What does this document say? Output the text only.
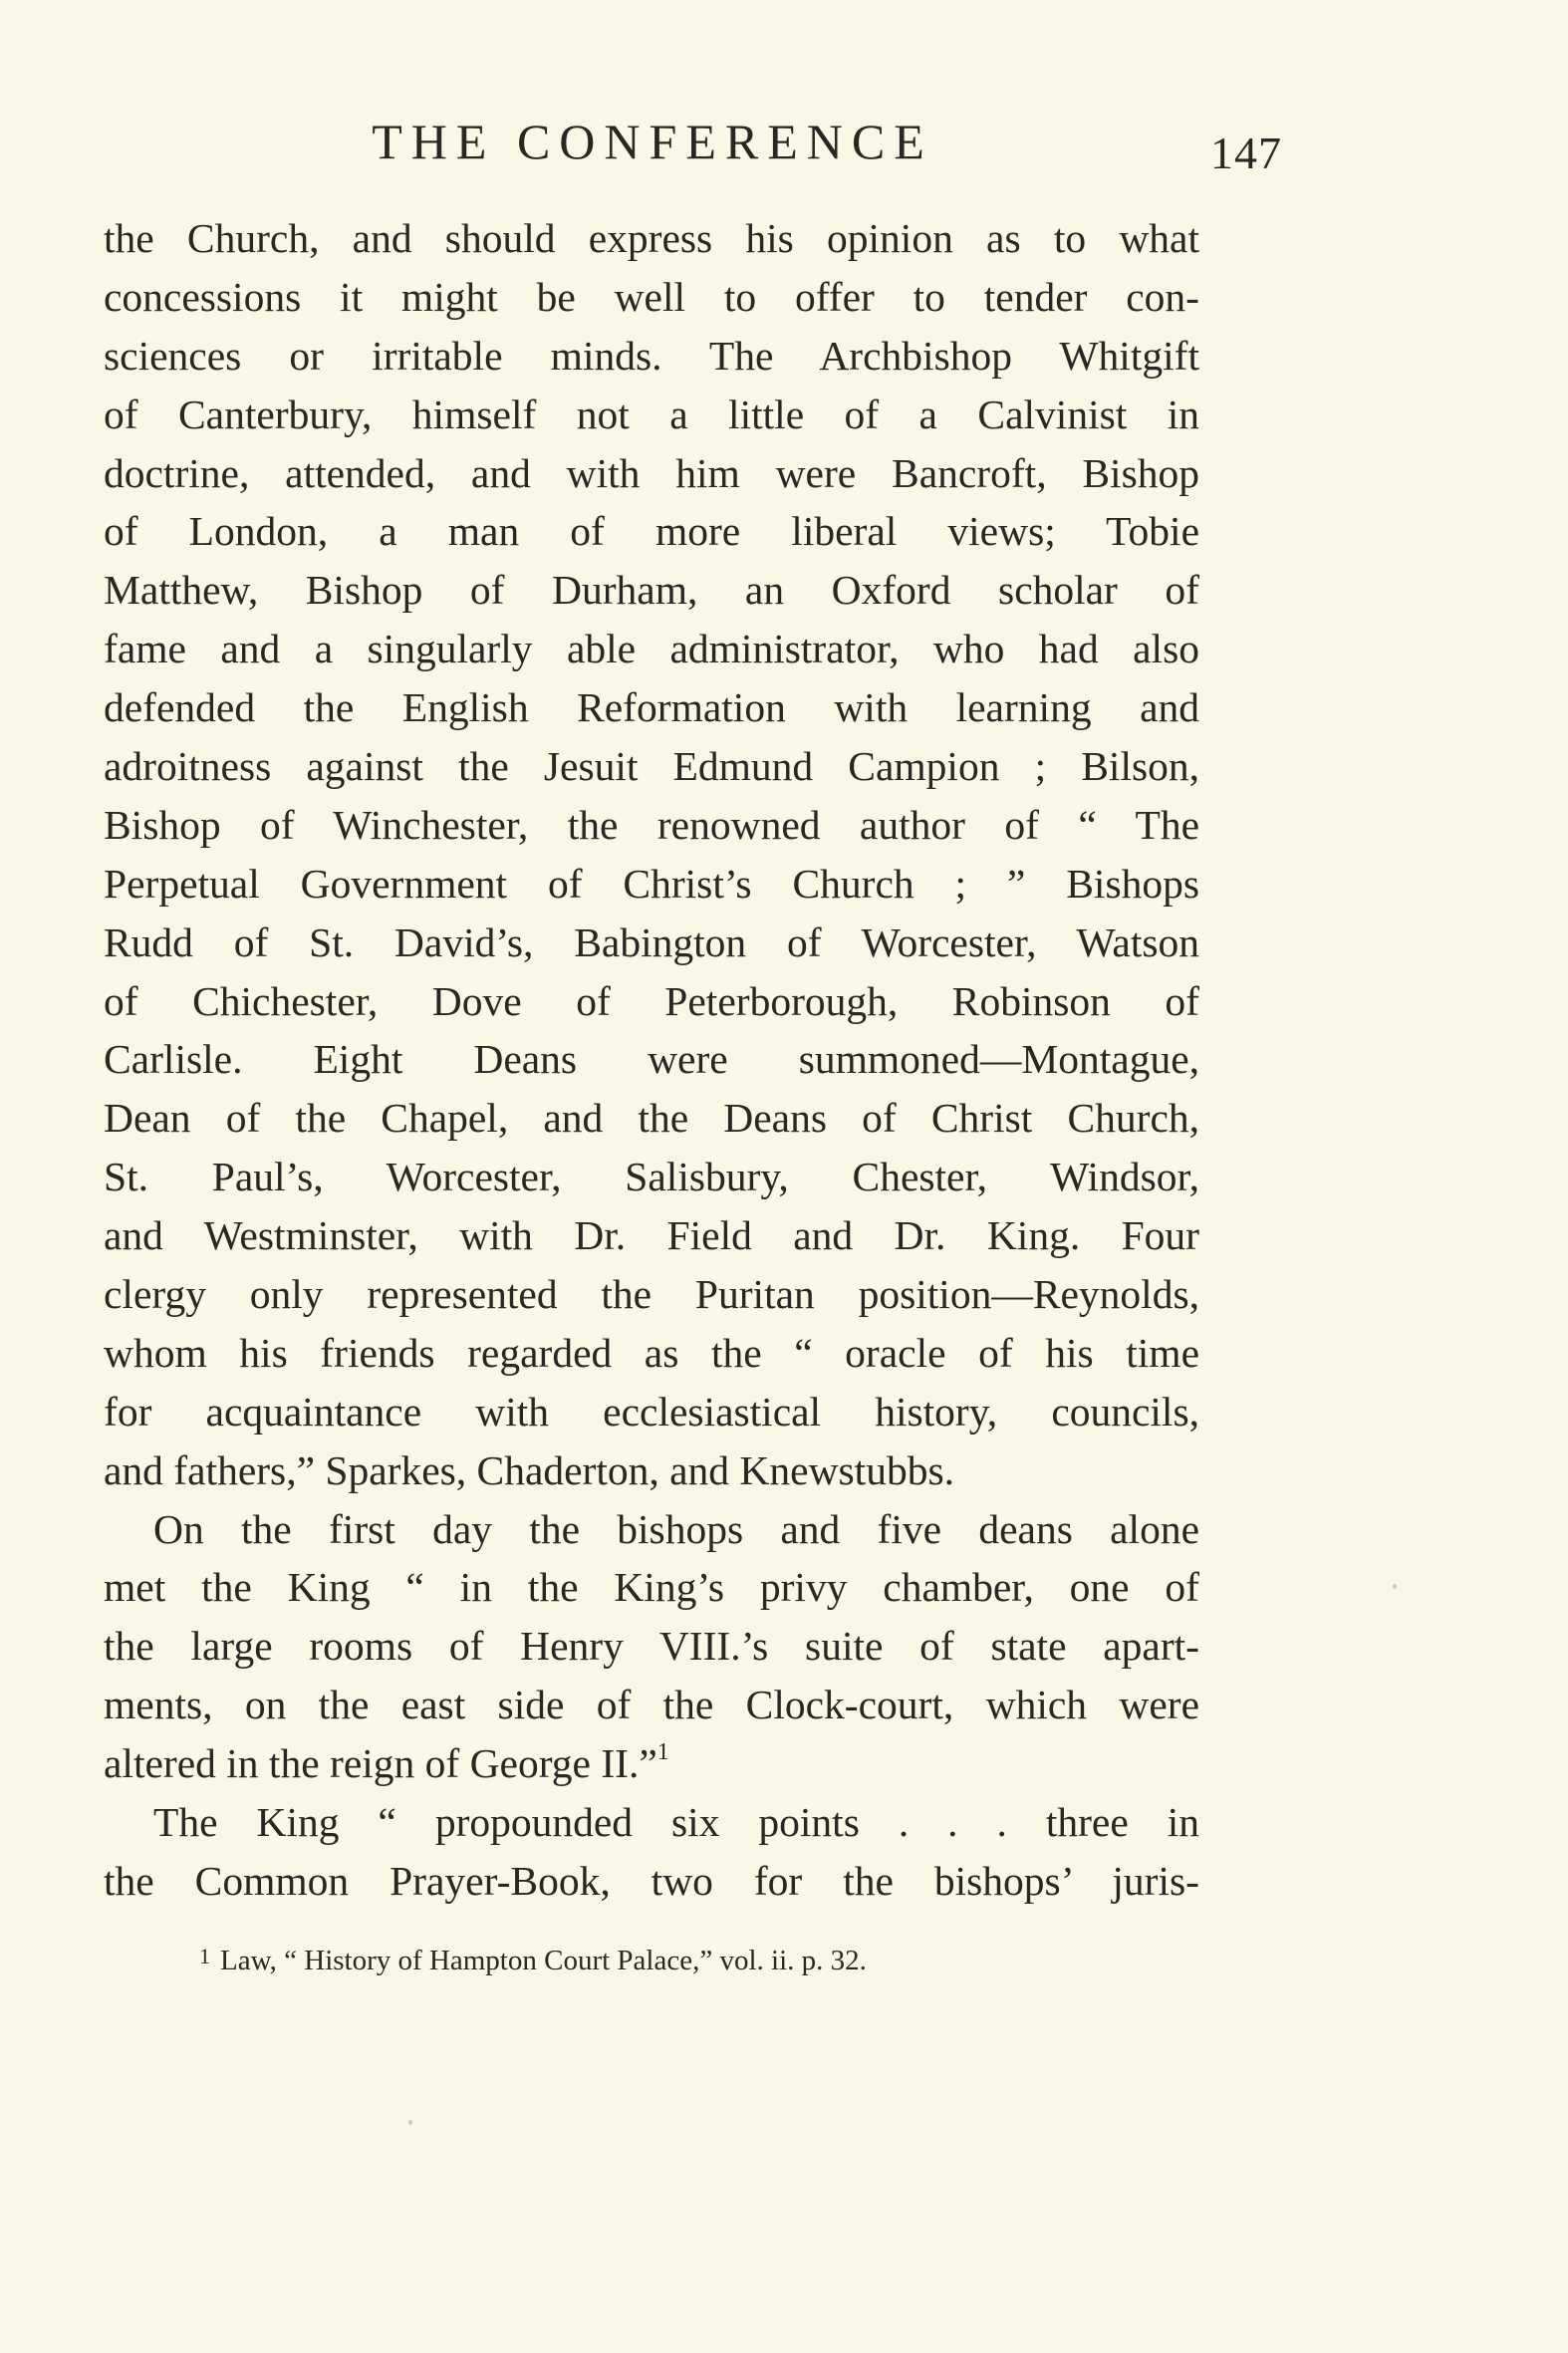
THE CONFERENCE	147
the Church, and should express his opinion as to what
concessions it might be well to offer to tender con-
sciences or irritable minds. The Archbishop Whitgift
of Canterbury, himself not a little of a Calvinist in
doctrine, attended, and with him were Bancroft, Bishop
of London, a man of more liberal views; Tobie
Matthew, Bishop of Durham, an Oxford scholar of
fame and a singularly able administrator, who had also
defended the English Reformation with learning and
adroitness against the Jesuit Edmund Campion ; Bilson,
Bishop of Winchester, the renowned author of “ The
Perpetual Government of Christ’s Church ; ” Bishops
Rudd of St. David’s, Babington of Worcester, Watson
of Chichester, Dove of Peterborough, Robinson of
Carlisle. Eight Deans were summoned—Montague,
Dean of the Chapel, and the Deans of Christ Church,
St. Paul’s, Worcester, Salisbury, Chester, Windsor,
and Westminster, with Dr. Field and Dr. King. Four
clergy only represented the Puritan position—Reynolds,
whom his friends regarded as the “ oracle of his time
for acquaintance with ecclesiastical history, councils,
and fathers,” Sparkes, Chaderton, and Knewstubbs.
On the first day the bishops and five deans alone
met the King “ in the King’s privy chamber, one of
the large rooms of Henry VIII.’s suite of state apart-
ments, on the east side of the Clock-court, which were
altered in the reign of George II.”$^1$
The King “ propounded six points . . . three in
the Common Prayer-Book, two for the bishops’ juris-
$^1$ Law, “ History of Hampton Court Palace,” vol. ii. p. 32.
